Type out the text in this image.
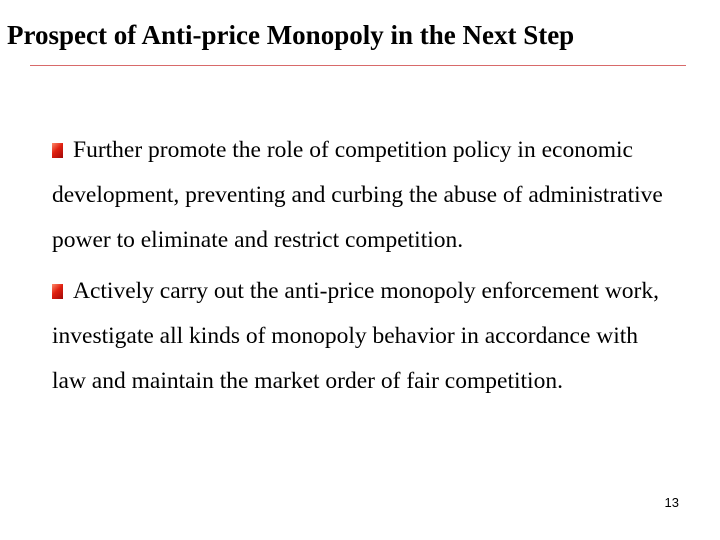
Prospect of Anti-price Monopoly in the Next Step
Further promote the role of competition policy in economic development, preventing and curbing the abuse of administrative power to eliminate and restrict competition.
Actively carry out the anti-price monopoly enforcement work, investigate all kinds of monopoly behavior in accordance with law and maintain the market order of fair competition.
13
